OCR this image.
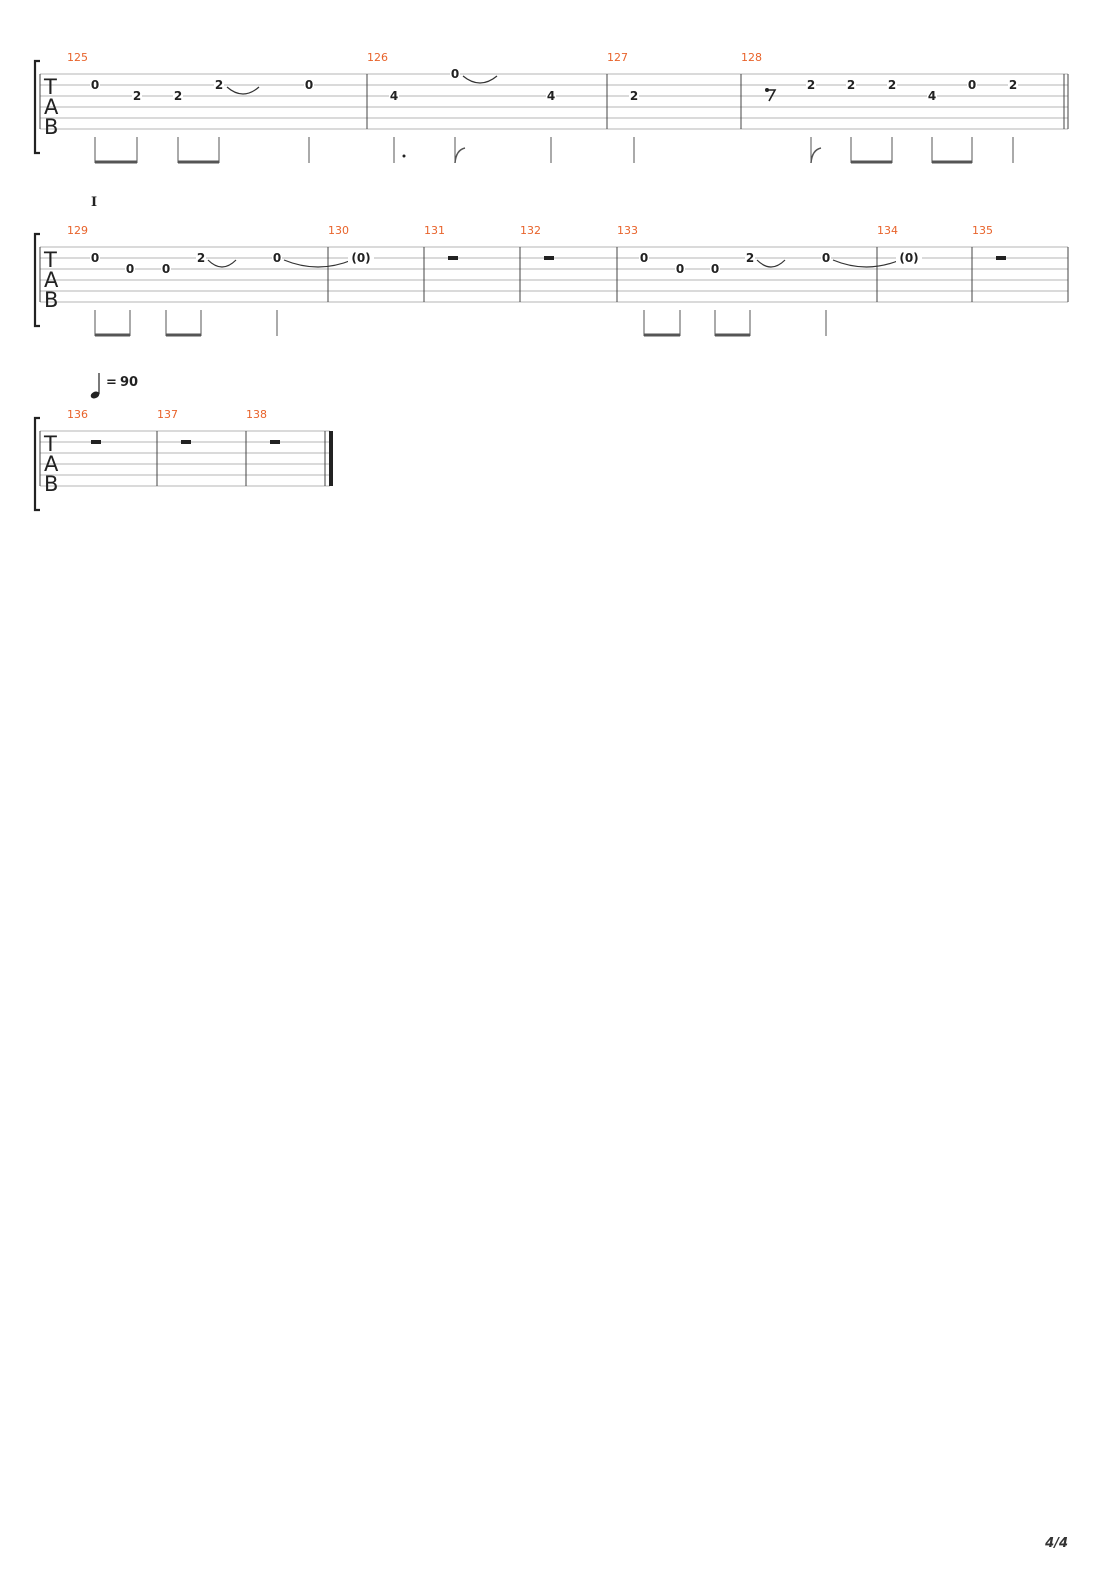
T
A
B
125
0
2	2
2	0
126
4
0
4
127
2
128
2	2	2
4
0	2
T
A
B
129
0
0 0
2	0
130
(0)
131	132	133
0
0 0
2	0
134
(0)
135
T
A
B
136	137	138
I
= 90
4/4
